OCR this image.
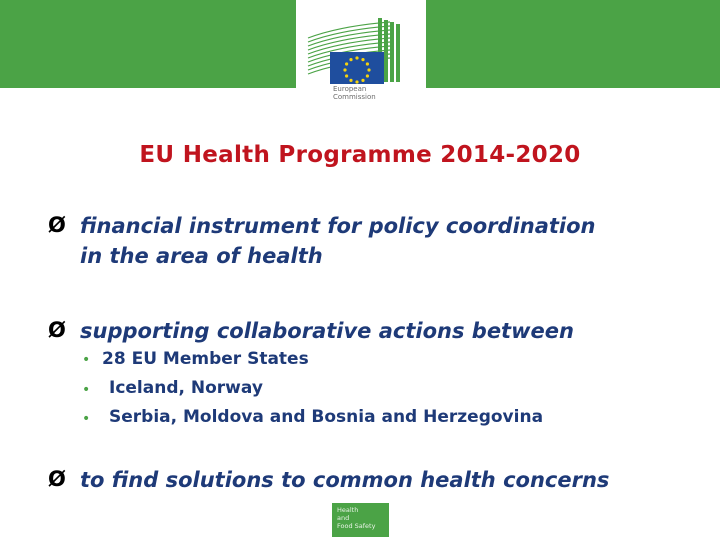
European
Commission
EU Health Programme 2014-2020
Ø financial instrument for policy coordination
in the area of health
Ø supporting collaborative actions between
• 28 EU Member States
• Iceland, Norway
• Serbia, Moldova and Bosnia and Herzegovina
Ø to find solutions to common health concerns
Health
and
Food Safety
